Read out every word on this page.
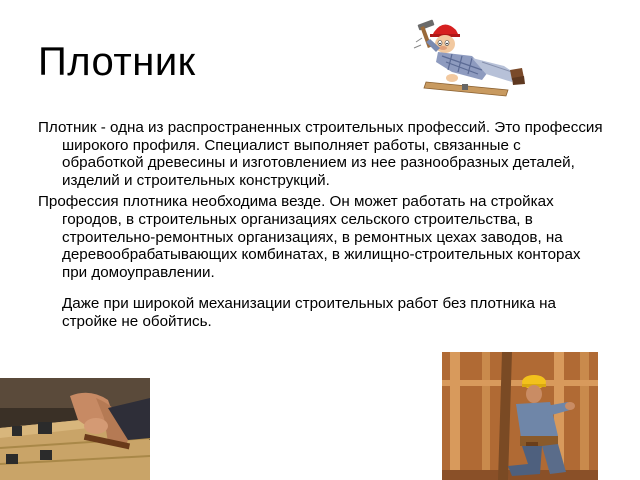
Плотник

Плотник - одна из распространенных строительных профессий. Это профессия широкого профиля. Специалист выполняет работы, связанные с обработкой древесины и изготовлением из нее разнообразных деталей, изделий и строительных конструкций.

Профессия плотника необходима везде. Он может работать на стройках городов, в строительных организациях сельского строительства, в строительно-ремонтных организациях, в ремонтных цехах заводов, на деревообрабатывающих комбинатах, в жилищно-строительных конторах при домоуправлении.

Даже при широкой механизации строительных работ без плотника на стройке не обойтись.
